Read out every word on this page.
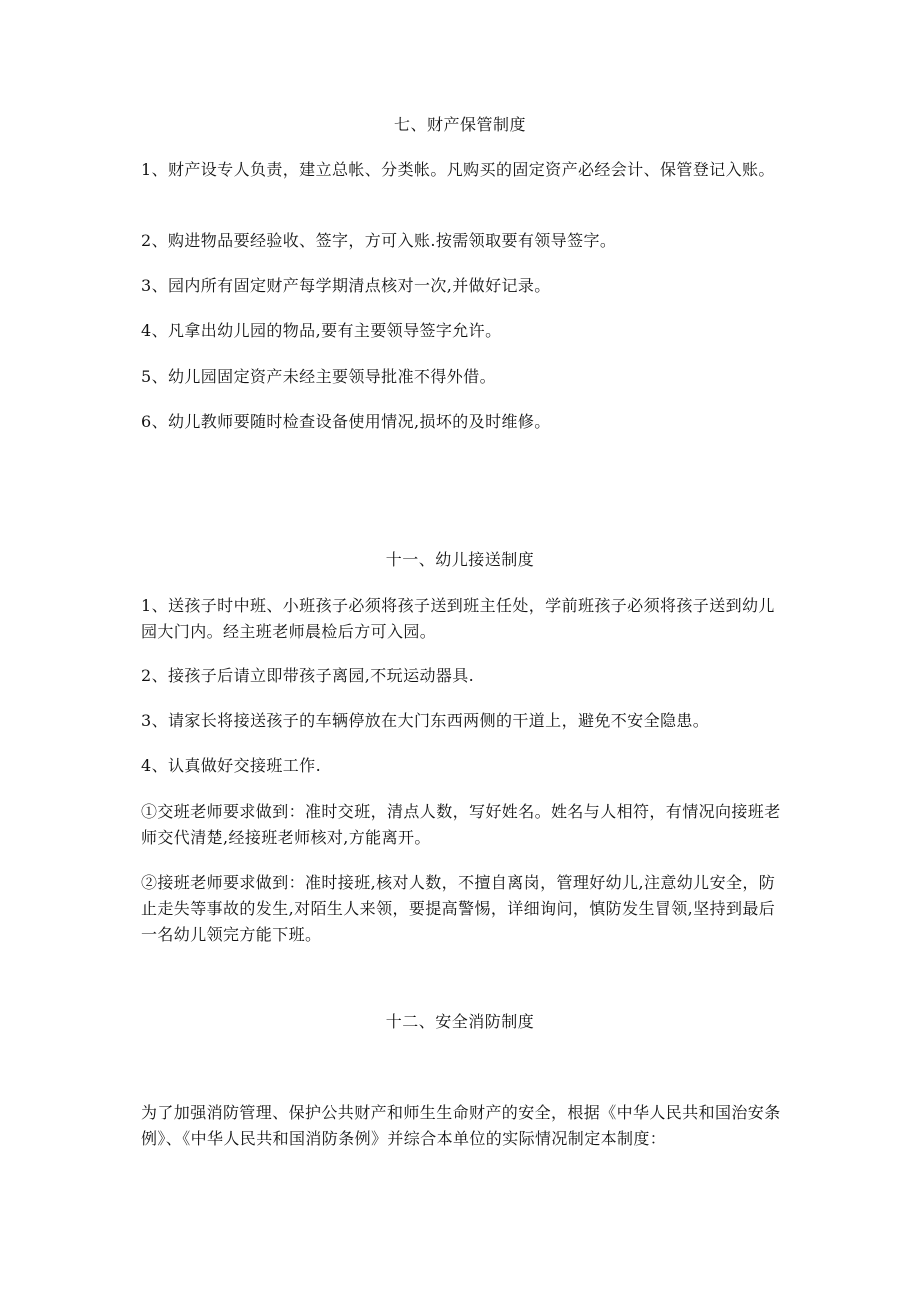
七、财产保管制度
1、财产设专人负责，建立总帐、分类帐。凡购买的固定资产必经会计、保管登记入账。
2、购进物品要经验收、签字，方可入账.按需领取要有领导签字。
3、园内所有固定财产每学期清点核对一次,并做好记录。
4、凡拿出幼儿园的物品,要有主要领导签字允许。
5、幼儿园固定资产未经主要领导批准不得外借。
6、幼儿教师要随时检查设备使用情况,损坏的及时维修。
十一、幼儿接送制度
1、送孩子时中班、小班孩子必须将孩子送到班主任处，学前班孩子必须将孩子送到幼儿园大门内。经主班老师晨检后方可入园。
2、接孩子后请立即带孩子离园,不玩运动器具.
3、请家长将接送孩子的车辆停放在大门东西两侧的干道上，避免不安全隐患。
4、认真做好交接班工作.
①交班老师要求做到：准时交班，清点人数，写好姓名。姓名与人相符，有情况向接班老师交代清楚,经接班老师核对,方能离开。
②接班老师要求做到：准时接班,核对人数，不擅自离岗，管理好幼儿,注意幼儿安全，防止走失等事故的发生,对陌生人来领，要提高警惕，详细询问，慎防发生冒领,坚持到最后一名幼儿领完方能下班。
十二、安全消防制度
为了加强消防管理、保护公共财产和师生生命财产的安全，根据《中华人民共和国治安条例》、《中华人民共和国消防条例》并综合本单位的实际情况制定本制度：
